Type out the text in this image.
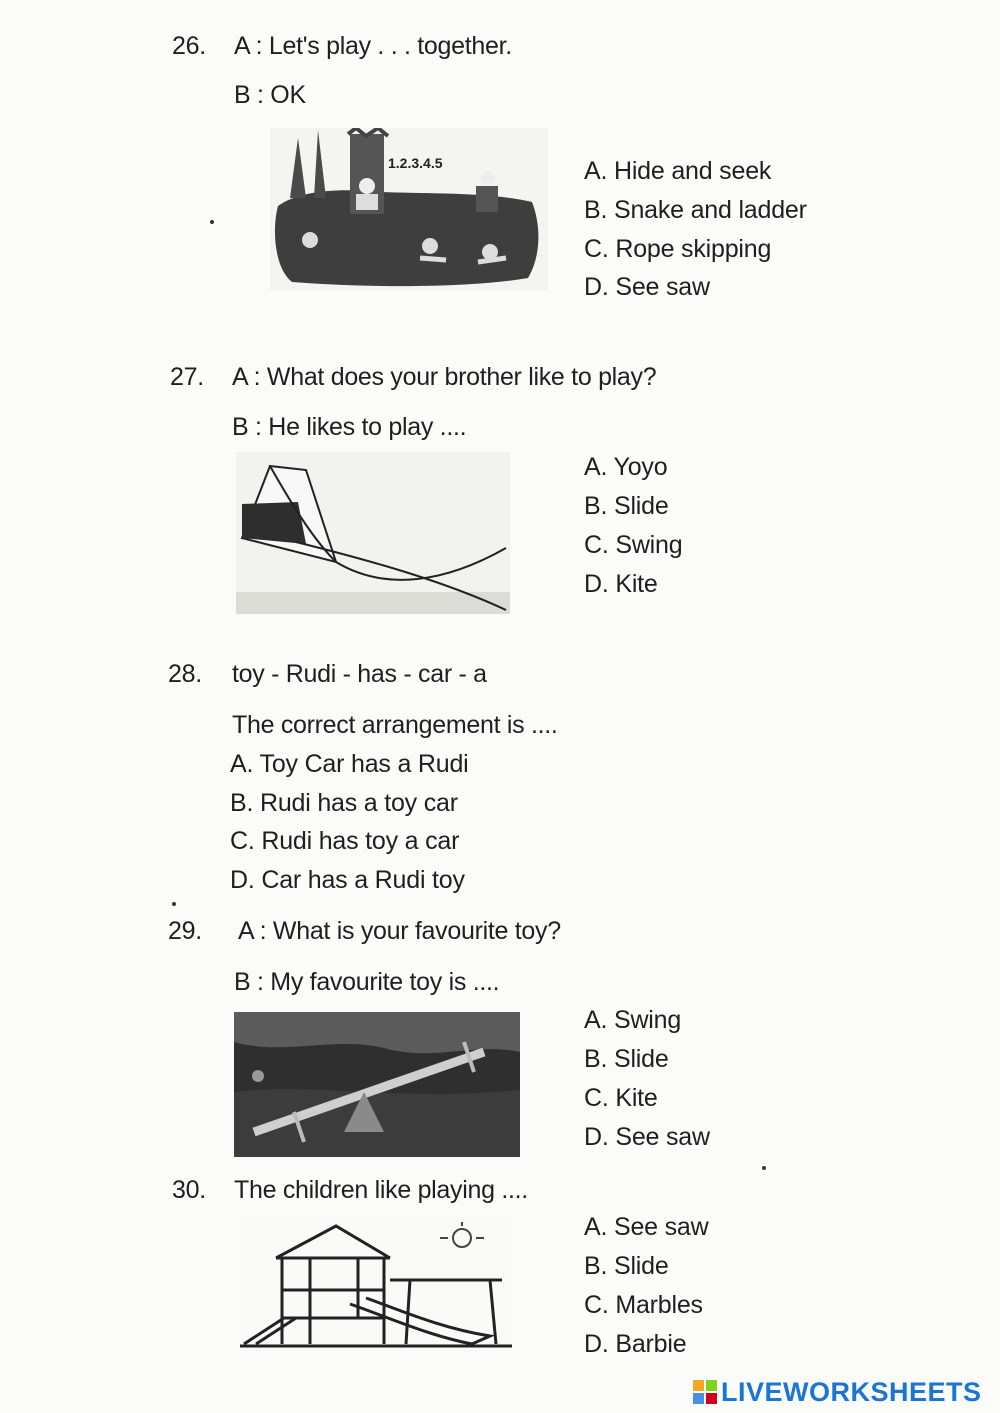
26. A : Let's play . . . together.
B : OK
1.2.3.4.5	A. Hide and seek
B. Snake and ladder
C. Rope skipping
D. See saw
27. A : What does your brother like to play?
B : He likes to play ....
A. Yoyo
B. Slide
C. Swing
D. Kite
28. toy - Rudi - has - car - a
The correct arrangement is ....
A. Toy Car has a Rudi
B. Rudi has a toy car
C. Rudi has toy a car
D. Car has a Rudi toy
29. A : What is your favourite toy?
B : My favourite toy is ....
A. Swing
B. Slide
C. Kite
D. See saw
30. The children like playing ....
A. See saw
B. Slide
C. Marbles
D. Barbie
LIVEWORKSHEETS
